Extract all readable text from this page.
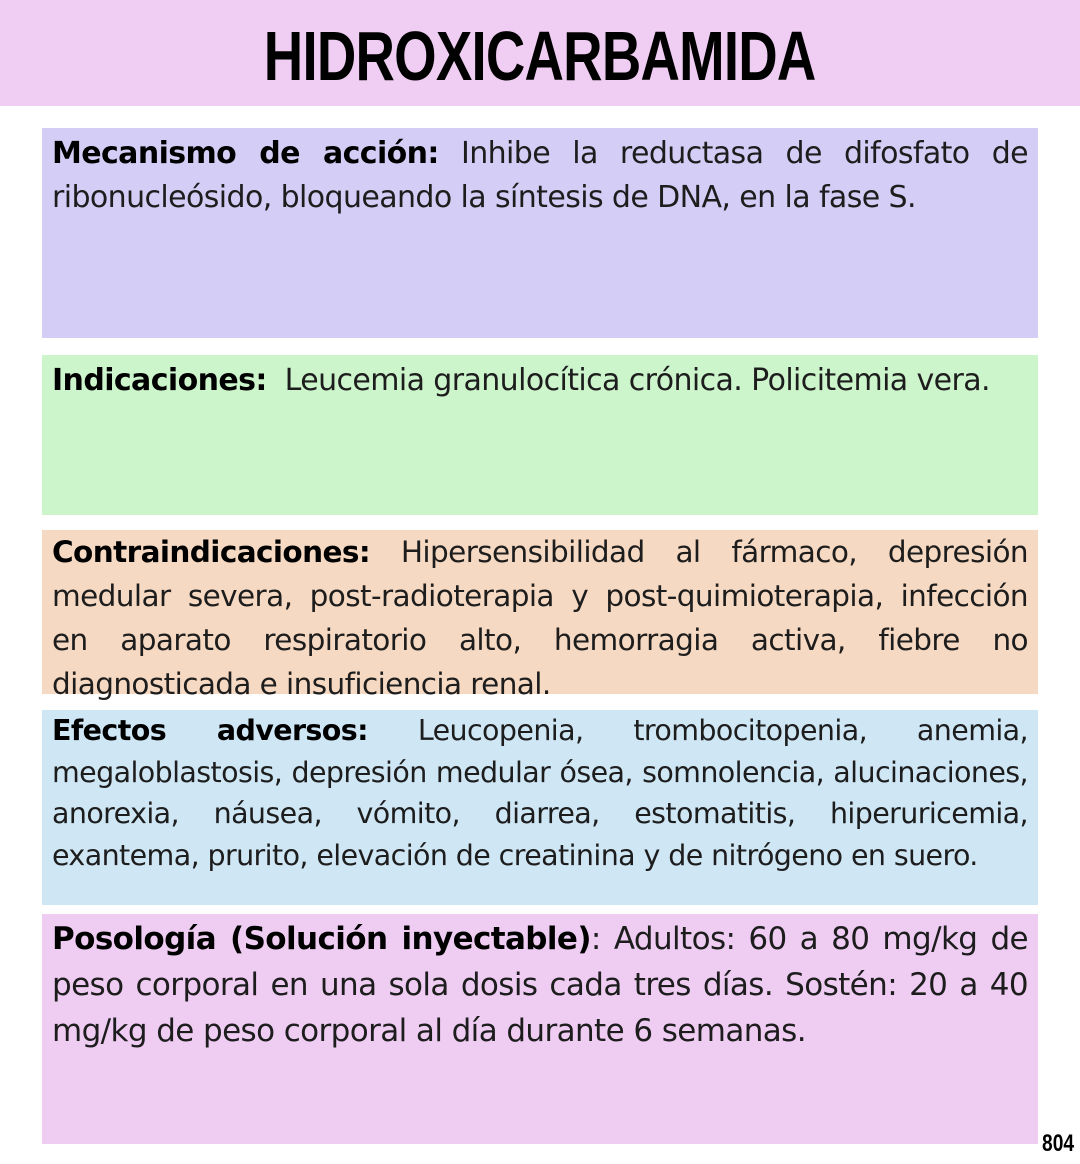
HIDROXICARBAMIDA

Mecanismo de acción: Inhibe la reductasa de difosfato de ribonucleósido, bloqueando la síntesis de DNA, en la fase S.

Indicaciones:  Leucemia granulocítica crónica. Policitemia vera.

Contraindicaciones: Hipersensibilidad al fármaco, depresión medular severa, post-radioterapia y post-quimioterapia, infección en aparato respiratorio alto, hemorragia activa, fiebre no diagnosticada e insuficiencia renal.

Efectos adversos: Leucopenia, trombocitopenia, anemia, megaloblastosis, depresión medular ósea, somnolencia, alucinaciones, anorexia, náusea, vómito, diarrea, estomatitis, hiperuricemia, exantema, prurito, elevación de creatinina y de nitrógeno en suero.

Posología (Solución inyectable): Adultos: 60 a 80 mg/kg de peso corporal en una sola dosis cada tres días. Sostén: 20 a 40 mg/kg de peso corporal al día durante 6 semanas.

804
